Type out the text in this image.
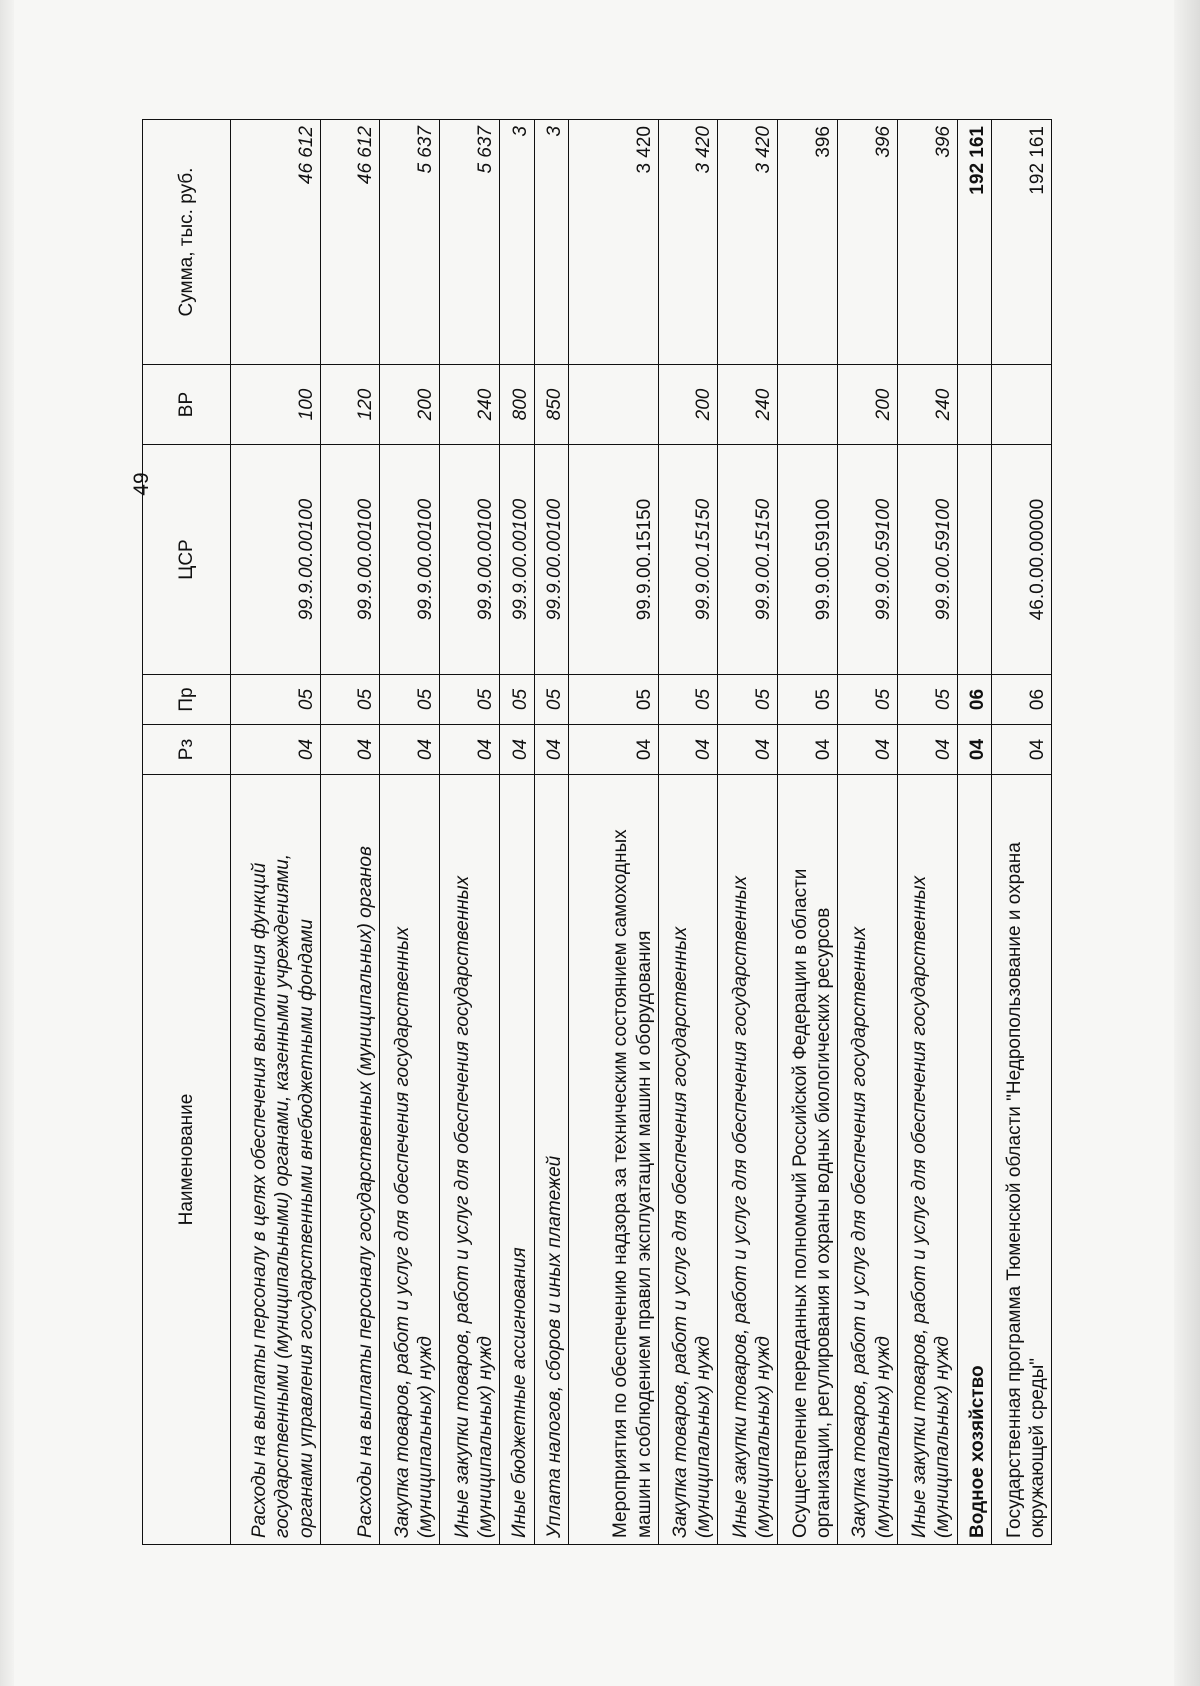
49
Наименование	Рз	Пр	ЦСР	ВР	Сумма, тыс. руб.
Расходы на выплаты персоналу в целях обеспечения выполнения функций государственными (муниципальными) органами, казенными учреждениями, органами управления государственными внебюджетными фондами	04	05	99.9.00.00100	100	46 612
Расходы на выплаты персоналу государственных (муниципальных) органов	04	05	99.9.00.00100	120	46 612
Закупка товаров, работ и услуг для обеспечения государственных (муниципальных) нужд	04	05	99.9.00.00100	200	5 637
Иные закупки товаров, работ и услуг для обеспечения государственных (муниципальных) нужд	04	05	99.9.00.00100	240	5 637
Иные бюджетные ассигнования	04	05	99.9.00.00100	800	3
Уплата налогов, сборов и иных платежей	04	05	99.9.00.00100	850	3
Мероприятия по обеспечению надзора за техническим состоянием самоходных машин и соблюдением правил эксплуатации машин и оборудования	04	05	99.9.00.15150		3 420
Закупка товаров, работ и услуг для обеспечения государственных (муниципальных) нужд	04	05	99.9.00.15150	200	3 420
Иные закупки товаров, работ и услуг для обеспечения государственных (муниципальных) нужд	04	05	99.9.00.15150	240	3 420
Осуществление переданных полномочий Российской Федерации в области организации, регулирования и охраны водных биологических ресурсов	04	05	99.9.00.59100		396
Закупка товаров, работ и услуг для обеспечения государственных (муниципальных) нужд	04	05	99.9.00.59100	200	396
Иные закупки товаров, работ и услуг для обеспечения государственных (муниципальных) нужд	04	05	99.9.00.59100	240	396
Водное хозяйство	04	06			192 161
Государственная программа Тюменской области "Недропользование и охрана окружающей среды"	04	06	46.0.00.00000		192 161
